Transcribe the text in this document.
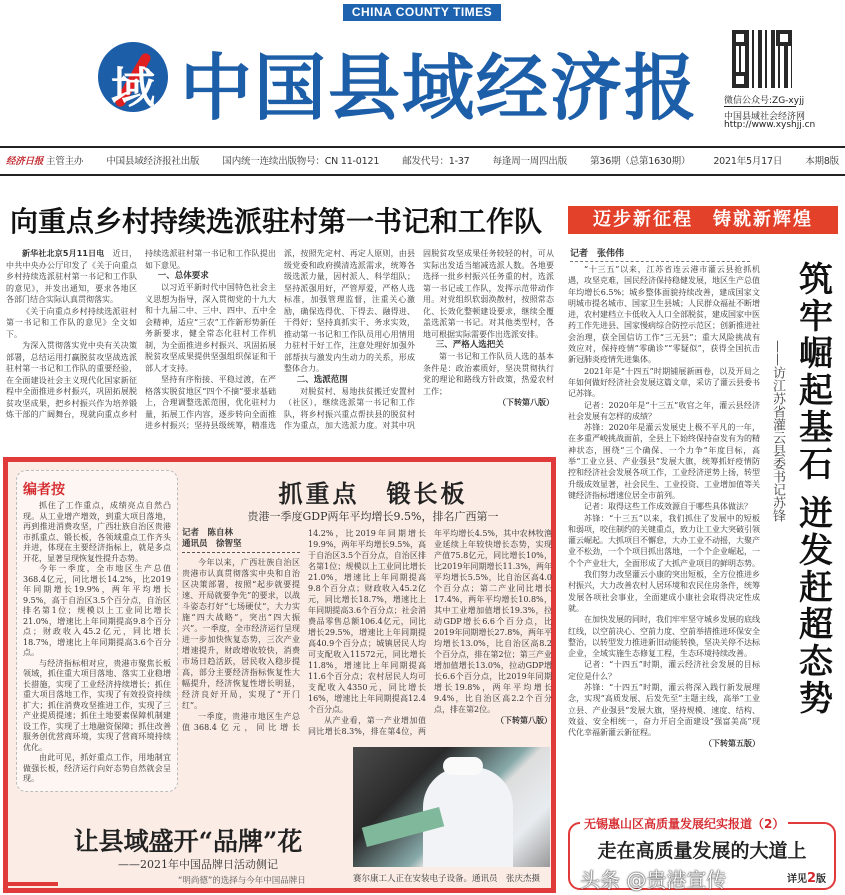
CHINA COUNTY TIMES
域 中国县域经济报	微信公众号:ZG-xyjj
中国县域社会经济网
http://www.xyshjj.cn
经济日报 主管主办 中国县域经济报社出版 国内统一连续出版物号：CN 11-0121 邮发代号：1-37 每逢周一周四出版 第36期（总第1630期） 2021年5月17日 本期8版
向重点乡村持续选派驻村第一书记和工作队

新华社北京5月11日电　 近日，中共中央办公厅印发了《关于向重点乡村持续选派驻村第一书记和工作队的意见》，并发出通知，要求各地区各部门结合实际认真贯彻落实。

《关于向重点乡村持续选派驻村第一书记和工作队的意见》全文如下。

为深入贯彻落实党中央有关决策部署，总结运用打赢脱贫攻坚战选派驻村第一书记和工作队的重要经验，在全面建设社会主义现代化国家新征程中全面推进乡村振兴，巩固拓展脱贫攻坚成果，把乡村振兴作为培养锻炼干部的广阔舞台，现就向重点乡村持续选派驻村第一书记和工作队提出如下意见。

一、总体要求

以习近平新时代中国特色社会主义思想为指导，深入贯彻党的十九大和十九届二中、三中、四中、五中全会精神，适应“三农”工作新形势新任务新要求，健全常态化驻村工作机制，为全面推进乡村振兴、巩固拓展脱贫攻坚成果提供坚强组织保证和干部人才支持。

坚持有序衔接、平稳过渡，在严格落实脱贫地区“四个不摘”要求基础上，合理调整选派范围，优化驻村力量，拓展工作内容，逐步转向全面推进乡村振兴；坚持县级统筹，精准选派，按照先定村、再定人原则，由县级党委和政府摸清选派需求，统筹各级选派力量，因村派人、科学组队；坚持派强用好，严管厚爱，严格人选标准，加强管理监督，注重关心激励，确保选得优、下得去、融得进、干得好；坚持真抓实干、务求实效，推动第一书记和工作队员用心用情用力驻村干好工作，注意处理好加强外部帮扶与激发内生动力的关系，形成整体合力。

二、选派范围

对脱贫村、易地扶贫搬迁安置村（社区），继续选派第一书记和工作队，将乡村振兴重点帮扶县的脱贫村作为重点，加大选派力度。对其中巩固脱贫攻坚成果任务较轻的村，可从实际出发适当缩减选派人数。各地要选择一批乡村振兴任务重的村，选派第一书记或工作队，发挥示范带动作用。对党组织软弱涣散村，按照常态化、长效化整顿建设要求，继续全覆盖选派第一书记。对其他类型村，各地可根据实际需要作出选派安排。

三、严格人选把关

第一书记和工作队员人选的基本条件是：政治素质好，坚决贯彻执行党的理论和路线方针政策，热爱农村工作；

（下转第八版）
编者按

抓住了工作重点，成绩亮点自然凸现。从工业增产增效，到重大项目落地，再到推进消费攻坚，广西壮族自治区贵港市抓重点、锻长板，各领域重点工作齐头并进，体现在主要经济指标上，就是多点开花，显著呈现恢复性提升态势。

今年一季度，全市地区生产总值368.4亿元，同比增长14.2%，比2019年同期增长19.9%，两年平均增长9.5%，高于自治区3.5个百分点，自治区排名第1位；规模以上工业同比增长21.0%，增速比上年同期提高9.8个百分点；财政收入45.2亿元，同比增长18.7%，增速比上年同期提高3.6个百分点。

与经济指标相对应，贵港市聚焦长板领域，抓住重大项目落地、落实工业稳增长措施，实现了工业经济持续增长；抓住重大项目落地工作，实现了有效投资持续扩大；抓住消费攻坚推进工作，实现了三产业提质提速；抓住土地要素保障机制建设工作，实现了土地融资保障；抓住改善服务创优营商环境，实现了营商环境持续优化。

由此可见，抓好重点工作，用地制宜做强长板，经济运行向好态势自然就会呈现。

抓重点　锻长板
贵港一季度GDP两年平均增长9.5%，排名广西第一
记者　陈自林
通讯员　徐智坚

今年以来，广西壮族自治区贵港市认真贯彻落实中央和自治区决策部署，按照“起步就要提速、开局就要争先”的要求，以战斗姿态打好“七场硬仗”，大力实施“四大战略”，突出“四大振兴”。一季度，全市经济运行呈现进一步加快恢复态势，三次产业增速提升，财政增收较快，消费市场日趋活跃，居民收入稳步提高，部分主要经济指标恢复性大幅提升，经济恢复性增长明显，经济良好开局，实现了“开门红”。

一季度，贵港市地区生产总值368.4亿元，同比增长14.2%，比2019年同期增长19.9%，两年平均增长9.5%，高于自治区3.5个百分点，自治区排名第1位；规模以上工业同比增长21.0%，增速比上年同期提高9.8个百分点；财政收入45.2亿元，同比增长18.7%，增速比上年同期提高3.6个百分点；社会消费品零售总额106.4亿元，同比增长29.5%，增速比上年同期提高40.9个百分点；城镇居民人均可支配收入11572元，同比增长11.8%，增速比上年同期提高11.6个百分点；农村居民人均可支配收入4350元，同比增长16%，增速比上年同期提高12.4个百分点。

从产业看，第一产业增加值同比增长8.3%，排在第4位，两年平均增长4.5%，其中农林牧渔业延续上年较快增长态势，实现产值75.8亿元，同比增长10%，比2019年同期增长11.3%，两年平均增长5.5%，比自治区高4.0个百分点；第二产业同比增长17.4%，两年平均增长10.8%，其中工业增加值增长19.3%，拉动GDP增长6.6个百分点，比2019年同期增长27.8%，两年平均增长13.0%，比自治区高8.2个百分点，排在第2位；第三产业增加值增长13.0%，拉动GDP增长6.6个百分点，比2019年同期增长19.8%，两年平均增长9.4%，比自治区高2.2个百分点，排在第2位。

（下转第八版）
赛尔康工人正在安装电子设备。通讯员　张庆杰摄
让县域盛开“品牌”花
——2021年中国品牌日活动侧记
“明尚德”的选择与今年中国品牌日
迈步新征程　铸就新辉煌
记者　张伟伟

“十三五”以来，江苏省连云港市灌云县抢抓机遇，攻坚克难，国民经济保持稳健发展，地区生产总值年均增长6.5%；城乡整体面貌持续改善，建成国家文明城市提名城市、国家卫生县城；人民群众福祉不断增进，农村建档立卡低收入人口全部脱贫，建成国家中医药工作先进县、国家慢病综合防控示范区；创新推进社会治理，获全国信访工作“三无县”；重大风险挑战有效应对，保持疫情“零确诊”“零疑似”，获得全国抗击新冠肺炎疫情先进集体。

2021年是“十四五”时期铺展新画卷，以及开局之年如何做好经济社会发展这篇文章，采访了灌云县委书记苏锋。

记者：2020年是“十三五”收官之年，灌云县经济社会发展有怎样的成绩？

苏锋：2020年是灌云发展史上极不平凡的一年，在多重严峻挑战面前，全县上下始终保持奋发有为的精神状态，围绕“三个确保、一个力争”年度目标，高举“工业立县、产业强县”发展大旗，统筹抓好疫情防控和经济社会发展各项工作，工业经济逆势上扬，转型升级成效显著，社会民生、工业投资、工业增加值等关键经济指标增速位居全市前列。

记者：取得这些工作成效源自于哪些具体做法？

苏锋：“十三五”以来，我们抓住了发展中的短板和弱项，咬住制约的关键重点，致力让工业大突破引领灌云崛起。大抓项目不懈怠，大办工业不动摇，大聚产业不松劲，一个个项目抓出落地，一个个企业崛起，一个个产业壮大，全面形成了大抓产业项目的鲜明态势。

我们努力改坚灌云小康的突出短板，全方位推进乡村振兴，大力改善农村人居环境和农民住房条件，统筹发展各项社会事业，全面建成小康社会取得决定性成就。

在加快发展的同时，我们牢牢坚守城乡发展的底线红线，以空前决心、空前力度、空前举措推进环保安全整治，以转型发力推进新旧动能转换，坚决关停不达标企业，全域实施生态修复工程，生态环境持续改善。

记者：“十四五”时期，灌云经济社会发展的目标定位是什么？

苏锋：“十四五”时期，灌云将深入践行新发展理念，实现“高质发展、后发先至”主题主线，高举“工业立县、产业强县”发展大旗，坚持规模、速度、结构、效益、安全相统一，奋力开启全面建设“强富美高”现代化幸福新灌云新征程。

（下转第五版）
筑
牢
崛
起
基
石
迸
发
赶
超
态
势
——访江苏省灌云县委书记苏锋
无锡惠山区高质量发展纪实报道（2）
走在高质量发展的大道上
详见2版
头条 @贵港宣传
